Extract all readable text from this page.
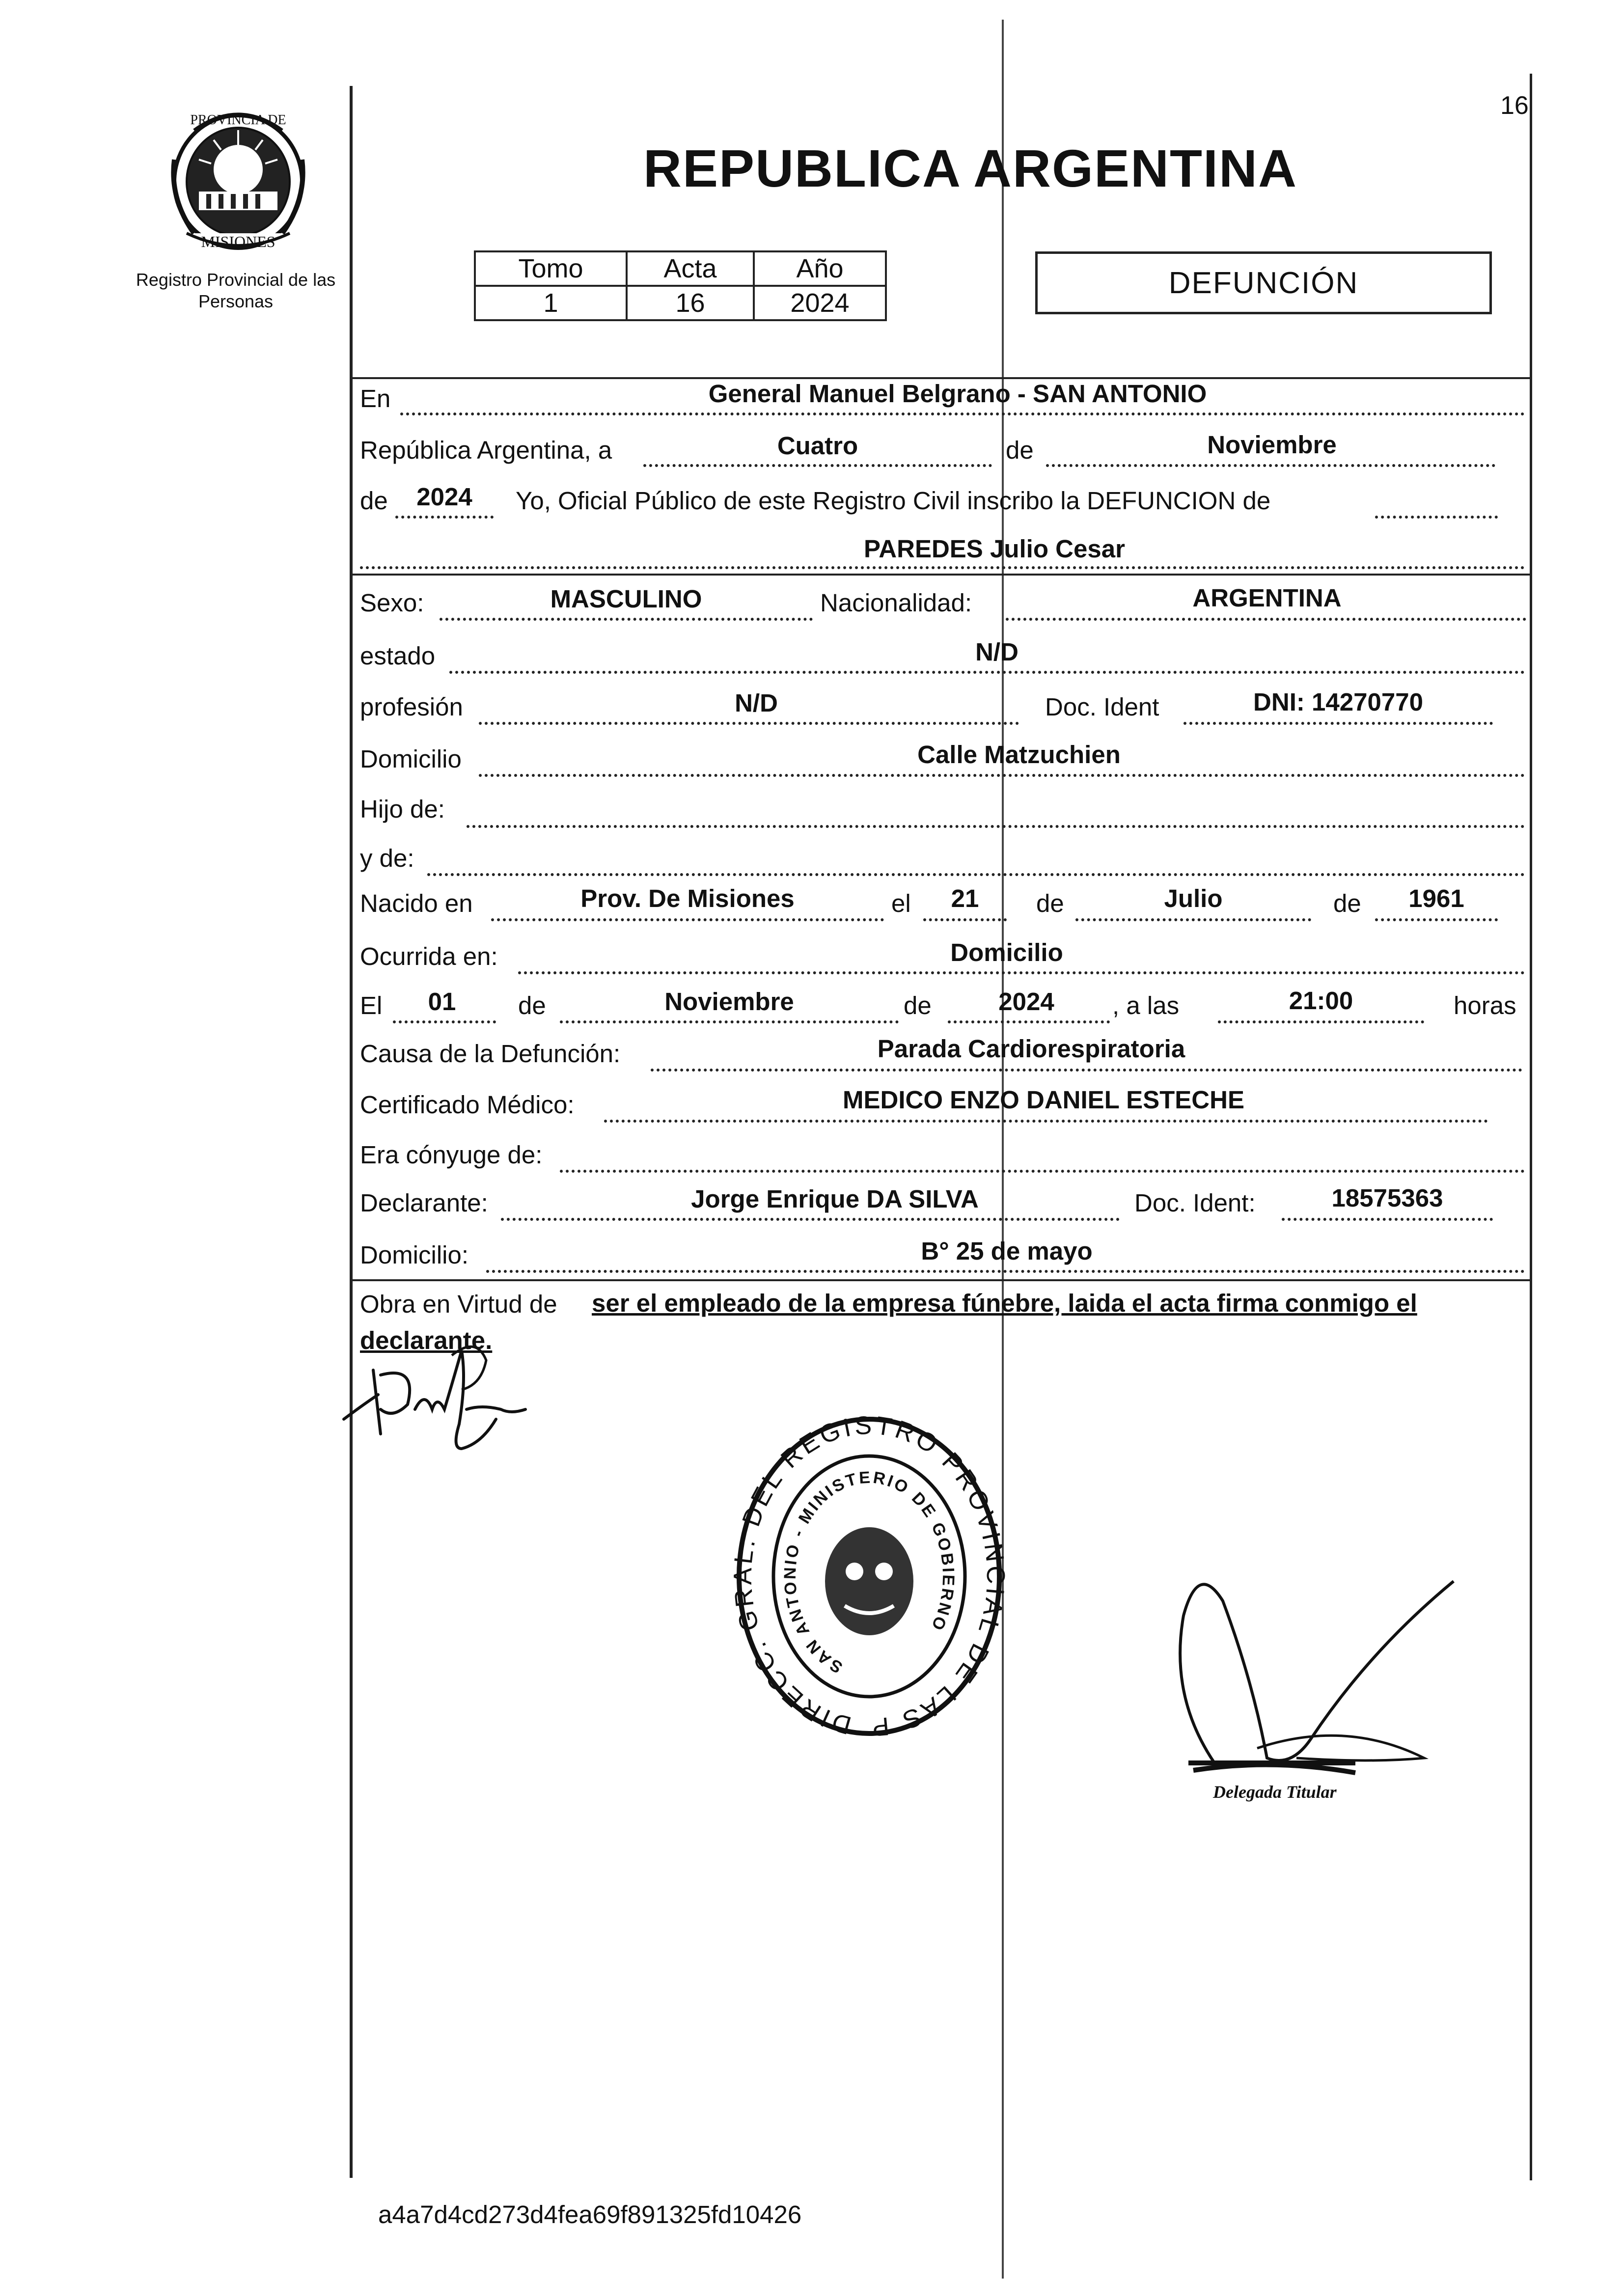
16
PROVINCIA DE
MISIONES
Registro Provincial de las Personas
REPUBLICA ARGENTINA
Tomo	Acta	Año
1	16	2024
DEFUNCIÓN
En	General Manuel Belgrano - SAN ANTONIO
República Argentina, a	Cuatro	de	Noviembre
de	2024	Yo, Oficial Público de este Registro Civil inscribo la DEFUNCION de
PAREDES Julio Cesar
Sexo:	MASCULINO	Nacionalidad:	ARGENTINA
estado	N/D
profesión	N/D	Doc. Ident	DNI: 14270770
Domicilio	Calle Matzuchien
Hijo de:
y de:
Nacido en	Prov. De Misiones	el	21	de	Julio	de	1961
Ocurrida en:	Domicilio
El	01	de	Noviembre	de	2024	, a las	21:00	horas
Causa de la Defunción:	Parada Cardiorespiratoria
Certificado Médico:	MEDICO ENZO DANIEL ESTECHE
Era cónyuge de:
Declarante:	Jorge Enrique DA SILVA	Doc. Ident:	18575363
Domicilio:	B° 25 de mayo
Obra en Virtud de ser el empleado de la empresa fúnebre, laida el acta firma conmigo el
declarante.
DIRECC. GR L. DEL REGISTRO PROVIN IAL DE LAS P
SAN ANTONIO - MINISTERIO DE GOBIERNO
Delegada Titular
a4a7d4cd273d4fea69f891325fd10426
